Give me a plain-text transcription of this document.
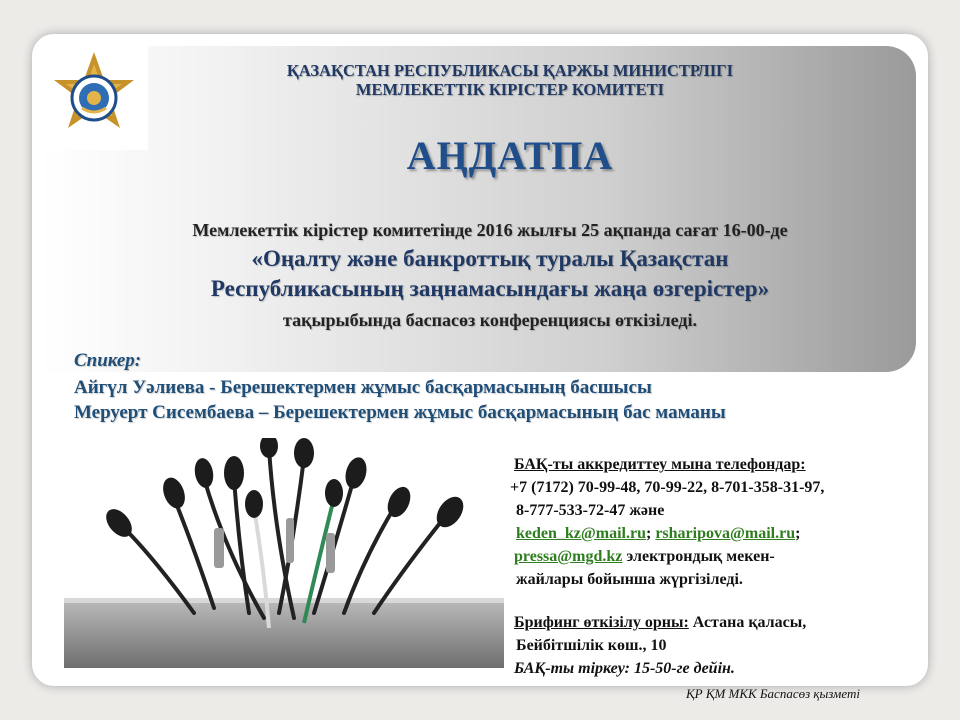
ҚАЗАҚСТАН РЕСПУБЛИКАСЫ ҚАРЖЫ МИНИСТРЛІГІ
МЕМЛЕКЕТТІК КІРІСТЕР КОМИТЕТІ
АҢДАТПА
Мемлекеттік кірістер комитетінде 2016 жылғы 25 ақпанда сағат 16-00-де
«Оңалту және банкроттық туралы Қазақстан
Республикасының заңнамасындағы жаңа өзгерістер»
тақырыбында баспасөз конференциясы өткізіледі.
Спикер:
Айгүл Уәлиева - Берешектермен жұмыс басқармасының басшысы
Меруерт Сисембаева – Берешектермен жұмыс басқармасының бас маманы
БАҚ-ты аккредиттеу мына телефондар:
+7 (7172) 70-99-48, 70-99-22, 8-701-358-31-97,
8-777-533-72-47 және
keden_kz@mail.ru; rsharipova@mail.ru;
pressa@mgd.kz электрондық мекен-
жайлары бойынша жүргізіледі.
Брифинг өткізілу орны: Астана қаласы,
Бейбітшілік көш., 10
БАҚ-ты тіркеу: 15-50-ге дейін.
ҚР ҚМ МКК Баспасөз қызметі
